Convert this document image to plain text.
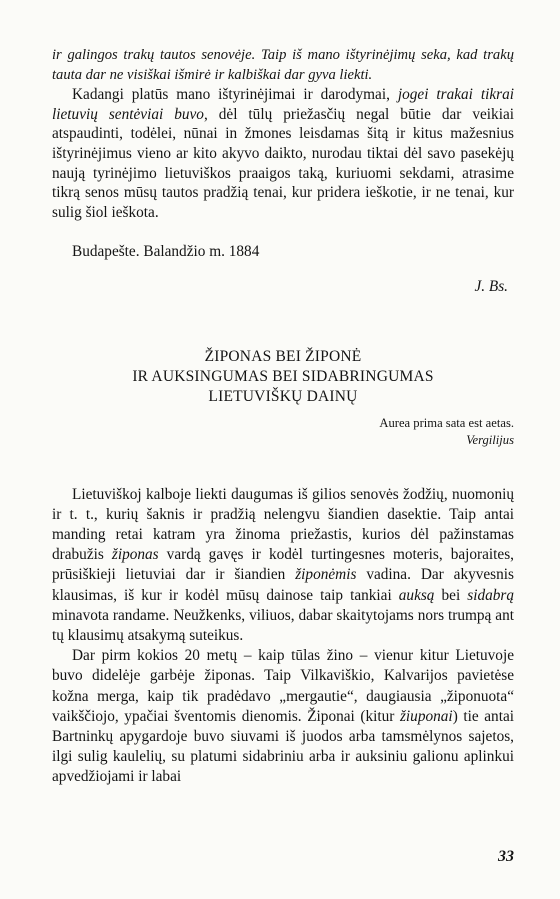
ir galingos trakų tautos senovėje. Taip iš mano ištyrinėjimų seka, kad trakų tauta dar ne visiškai išmirė ir kalbiškai dar gyva liekti.

Kadangi platūs mano ištyrinėjimai ir darodymai, jogei trakai tikrai lietuvių sentėviai buvo, dėl tūlų priežasčių negal būtie dar veikiai atspaudinti, todėlei, nūnai in žmones leisdamas šitą ir kitus mažesnius ištyrinėjimus vieno ar kito akyvo daikto, nurodau tiktai dėl savo pasekėjų naują tyrinėjimo lietuviškos praaigos taką, kuriuomi sekdami, atrasime tikrą senos mūsų tautos pradžią tenai, kur pridera ieškotie, ir ne tenai, kur sulig šiol ieškota.

Budapešte. Balandžio m. 1884

J. Bs.

ŽIPONAS BEI ŽIPONĖ
IR AUKSINGUMAS BEI SIDABRINGUMAS
LIETUVIŠKŲ DAINŲ
Aurea prima sata est aetas.
Vergilijus

Lietuviškoj kalboje liekti daugumas iš gilios senovės žodžių, nuomonių ir t. t., kurių šaknis ir pradžią nelengvu šiandien dasektie. Taip antai manding retai katram yra žinoma priežastis, kurios dėl pažinstamas drabužis žiponas vardą gavęs ir kodėl turtingesnes moteris, bajoraites, prūsiškieji lietuviai dar ir šiandien žiponėmis vadina. Dar akyvesnis klausimas, iš kur ir kodėl mūsų dainose taip tankiai auksą bei sidabrą minavota randame. Neužkenks, viliuos, dabar skaitytojams nors trumpą ant tų klausimų atsakymą suteikus.

Dar pirm kokios 20 metų – kaip tūlas žino – vienur kitur Lietuvoje buvo didelėje garbėje žiponas. Taip Vilkaviškio, Kalvarijos pavietėse kožna merga, kaip tik pradėdavo „mergautie“, daugiausia „žiponuota“ vaikščiojo, ypačiai šventomis dienomis. Žiponai (kitur žiuponai) tie antai Bartninkų apygardoje buvo siuvami iš juodos arba tamsmėlynos sajetos, ilgi sulig kaulelių, su platumi sidabriniu arba ir auksiniu galionu aplinkui apvedžiojami ir labai

33
